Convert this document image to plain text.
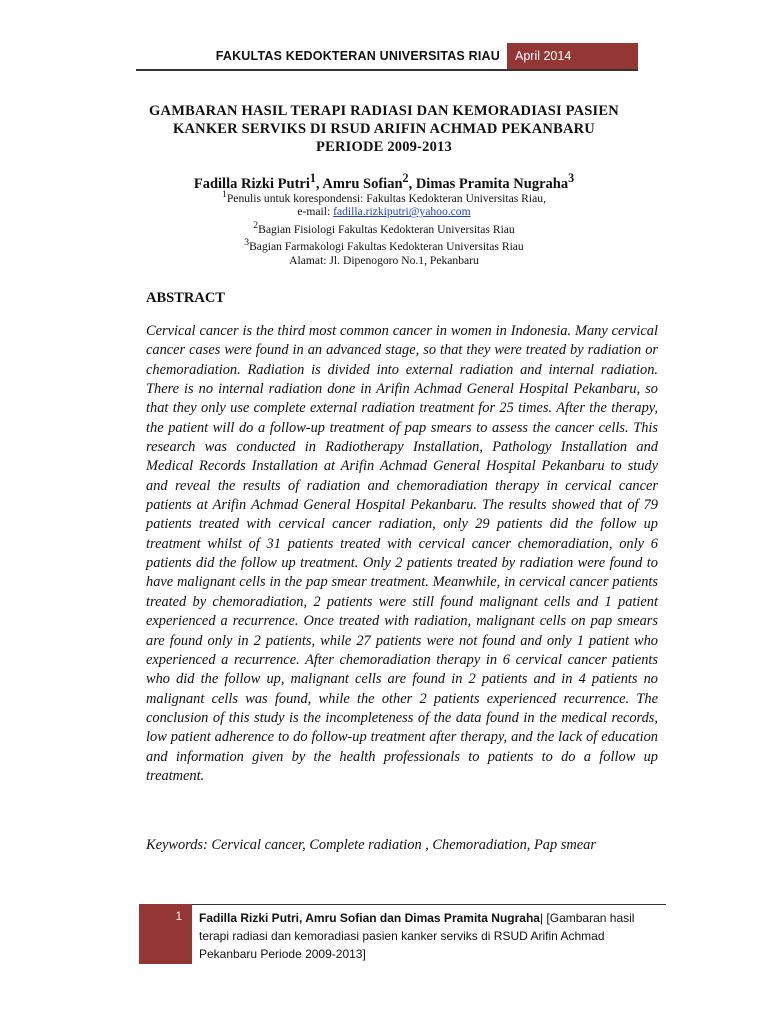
FAKULTAS KEDOKTERAN UNIVERSITAS RIAU	April 2014
GAMBARAN HASIL TERAPI RADIASI DAN KEMORADIASI PASIEN
KANKER SERVIKS DI RSUD ARIFIN ACHMAD PEKANBARU
PERIODE 2009-2013
Fadilla Rizki Putri$^1$, Amru Sofian$^2$, Dimas Pramita Nugraha$^3$
$^1$Penulis untuk korespondensi: Fakultas Kedokteran Universitas Riau,
e-mail: fadilla.rizkiputri@yahoo.com
$^2$Bagian Fisiologi Fakultas Kedokteran Universitas Riau
$^3$Bagian Farmakologi Fakultas Kedokteran Universitas Riau
Alamat: Jl. Dipenogoro No.1, Pekanbaru
ABSTRACT
Cervical cancer is the third most common cancer in women in Indonesia. Many cervical cancer cases were found in an advanced stage, so that they were treated by radiation or chemoradiation. Radiation is divided into external radiation and internal radiation. There is no internal radiation done in Arifin Achmad General Hospital Pekanbaru, so that they only use complete external radiation treatment for 25 times. After the therapy, the patient will do a follow-up treatment of pap smears to assess the cancer cells. This research was conducted in Radiotherapy Installation, Pathology Installation and Medical Records Installation at Arifin Achmad General Hospital Pekanbaru to study and reveal the results of radiation and chemoradiation therapy in cervical cancer patients at Arifin Achmad General Hospital Pekanbaru. The results showed that of 79 patients treated with cervical cancer radiation, only 29 patients did the follow up treatment whilst of 31 patients treated with cervical cancer chemoradiation, only 6 patients did the follow up treatment. Only 2 patients treated by radiation were found to have malignant cells in the pap smear treatment. Meanwhile, in cervical cancer patients treated by chemoradiation, 2 patients were still found malignant cells and 1 patient experienced a recurrence. Once treated with radiation, malignant cells on pap smears are found only in 2 patients, while 27 patients were not found and only 1 patient who experienced a recurrence. After chemoradiation therapy in 6 cervical cancer patients who did the follow up, malignant cells are found in 2 patients and in 4 patients no malignant cells was found, while the other 2 patients experienced recurrence. The conclusion of this study is the incompleteness of the data found in the medical records, low patient adherence to do follow-up treatment after therapy, and the lack of education and information given by the health professionals to patients to do a follow up treatment.
Keywords: Cervical cancer, Complete radiation , Chemoradiation, Pap smear
1	Fadilla Rizki Putri, Amru Sofian dan Dimas Pramita Nugraha| [Gambaran hasil terapi radiasi dan kemoradiasi pasien kanker serviks di RSUD Arifin Achmad Pekanbaru Periode 2009-2013]
